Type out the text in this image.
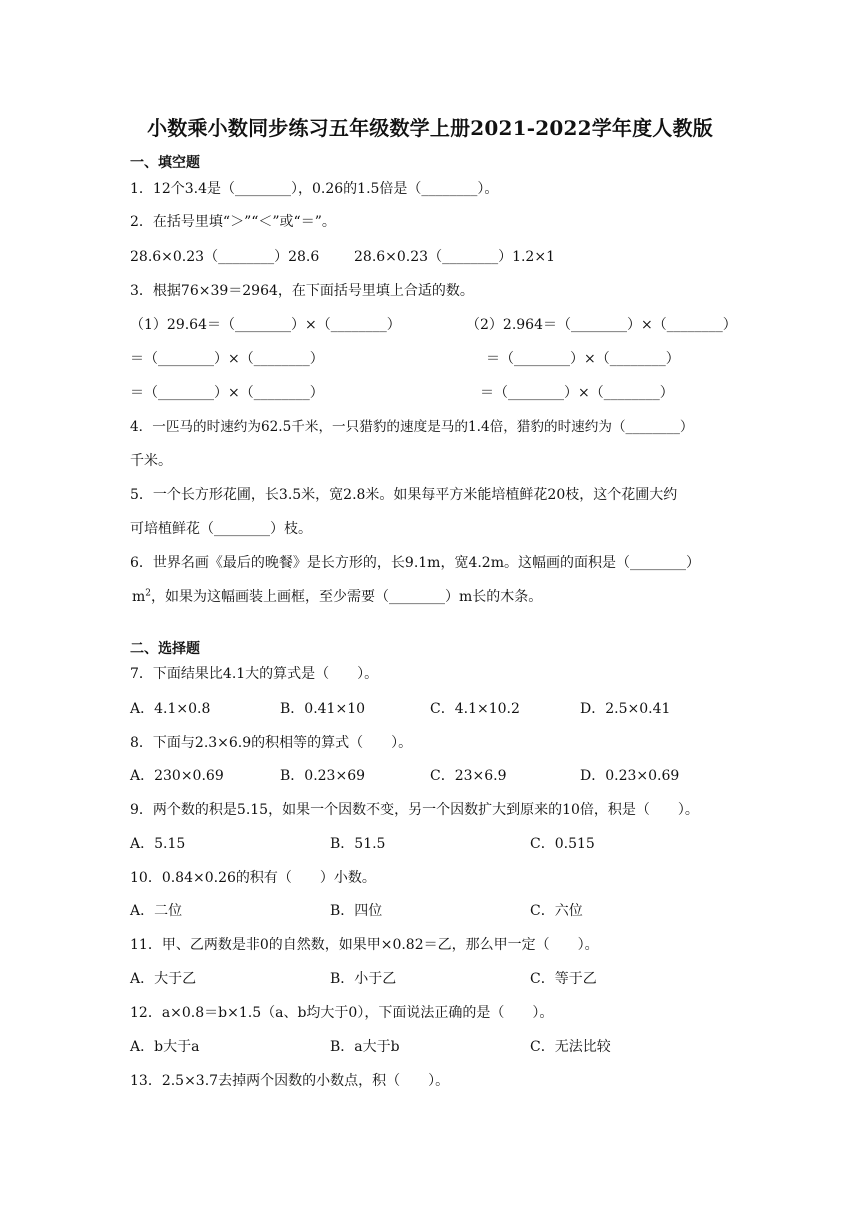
小数乘小数同步练习五年级数学上册2021-2022学年度人教版
一、填空题
1．12个3.4是（________），0.26的1.5倍是（________）。
2．在括号里填“＞”“＜”或“＝”。
28.6×0.23（________）28.6 28.6×0.23（________）1.2×1
3．根据76×39＝2964，在下面括号里填上合适的数。
（1）29.64＝（________）×（________）
＝（________）×（________）
＝（________）×（________）
（2）2.964＝（________）×（________）
＝（________）×（________）
＝（________）×（________）
4．一匹马的时速约为62.5千米，一只猎豹的速度是马的1.4倍，猎豹的时速约为（________）
千米。
5．一个长方形花圃，长3.5米，宽2.8米。如果每平方米能培植鲜花20枝，这个花圃大约
可培植鲜花（________）枝。
6．世界名画《最后的晚餐》是长方形的，长9.1m，宽4.2m。这幅画的面积是（________）
$m^2$，如果为这幅画装上画框，至少需要（________）m长的木条。
二、选择题
7．下面结果比4.1大的算式是（　　）。
A．4.1×0.8	B．0.41×10	C．4.1×10.2	D．2.5×0.41
8．下面与2.3×6.9的积相等的算式（　　）。
A．230×0.69	B．0.23×69	C．23×6.9	D．0.23×0.69
9．两个数的积是5.15，如果一个因数不变，另一个因数扩大到原来的10倍，积是（　　）。
A．5.15	B．51.5	C．0.515
10．0.84×0.26的积有（　　）小数。
A．二位	B．四位	C．六位
11．甲、乙两数是非0的自然数，如果甲×0.82＝乙，那么甲一定（　　）。
A．大于乙	B．小于乙	C．等于乙
12．a×0.8＝b×1.5（a、b均大于0），下面说法正确的是（　　）。
A．b大于a	B．a大于b	C．无法比较
13．2.5×3.7去掉两个因数的小数点，积（　　）。
